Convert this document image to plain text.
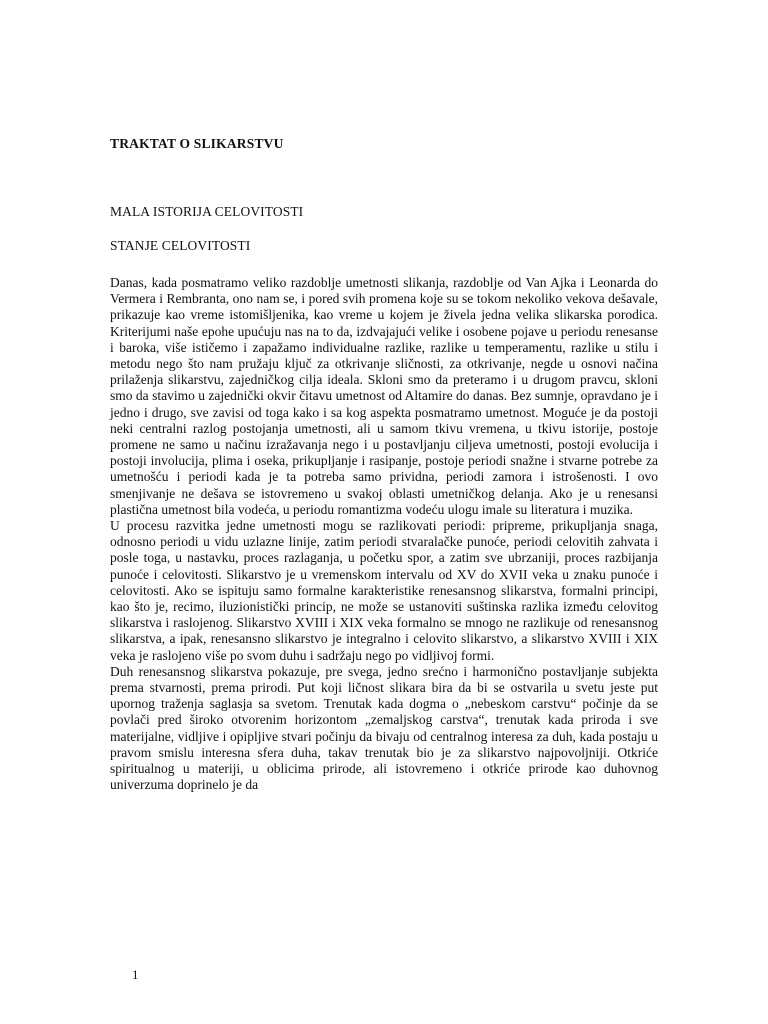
TRAKTAT O SLIKARSTVU
MALA ISTORIJA CELOVITOSTI
STANJE CELOVITOSTI

Danas, kada posmatramo veliko razdoblje umetnosti slikanja, razdoblje od Van Ajka i Leonarda do Vermera i Rembranta, ono nam se, i pored svih promena koje su se tokom nekoliko vekova dešavale, prikazuje kao vreme istomišljenika, kao vreme u kojem je živela jedna velika slikarska porodica. Kriterijumi naše epohe upućuju nas na to da, izdvajajući velike i osobene pojave u periodu renesanse i baroka, više ističemo i zapažamo individualne razlike, razlike u temperamentu, razlike u stilu i metodu nego što nam pružaju ključ za otkrivanje sličnosti, za otkrivanje, negde u osnovi načina prilaženja slikarstvu, zajedničkog cilja ideala. Skloni smo da preteramo i u drugom pravcu, skloni smo da stavimo u zajednički okvir čitavu umetnost od Altamire do danas. Bez sumnje, opravdano je i jedno i drugo, sve zavisi od toga kako i sa kog aspekta posmatramo umetnost. Moguće je da postoji neki centralni razlog postojanja umetnosti, ali u samom tkivu vremena, u tkivu istorije, postoje promene ne samo u načinu izražavanja nego i u postavljanju ciljeva umetnosti, postoji evolucija i postoji involucija, plima i oseka, prikupljanje i rasipanje, postoje periodi snažne i stvarne potrebe za umetnošću i periodi kada je ta potreba samo prividna, periodi zamora i istrošenosti. I ovo smenjivanje ne dešava se istovremeno u svakoj oblasti umetničkog delanja. Ako je u renesansi plastična umetnost bila vodeća, u periodu romantizma vodeću ulogu imale su literatura i muzika.

U procesu razvitka jedne umetnosti mogu se razlikovati periodi: pripreme, prikupljanja snaga, odnosno periodi u vidu uzlazne linije, zatim periodi stvaralačke punoće, periodi celovitih zahvata i posle toga, u nastavku, proces razlaganja, u početku spor, a zatim sve ubrzaniji, proces razbijanja punoće i celovitosti. Slikarstvo je u vremenskom intervalu od XV do XVII veka u znaku punoće i celovitosti. Ako se ispituju samo formalne karakteristike renesansnog slikarstva, formalni principi, kao što je, recimo, iluzionistički princip, ne može se ustanoviti suštinska razlika između celovitog slikarstva i raslojenog. Slikarstvo XVIII i XIX veka formalno se mnogo ne razlikuje od renesansnog slikarstva, a ipak, renesansno slikarstvo je integralno i celovito slikarstvo, a slikarstvo XVIII i XIX veka je raslojeno više po svom duhu i sadržaju nego po vidljivoj formi.

Duh renesansnog slikarstva pokazuje, pre svega, jedno srećno i harmonično postavljanje subjekta prema stvarnosti, prema prirodi. Put koji ličnost slikara bira da bi se ostvarila u svetu jeste put upornog traženja saglasja sa svetom. Trenutak kada dogma o „nebeskom carstvu“ počinje da se povlači pred široko otvorenim horizontom „zemaljskog carstva“, trenutak kada priroda i sve materijalne, vidljive i opipljive stvari počinju da bivaju od centralnog interesa za duh, kada postaju u pravom smislu interesna sfera duha, takav trenutak bio je za slikarstvo najpovoljniji. Otkriće spiritualnog u materiji, u oblicima prirode, ali istovremeno i otkriće prirode kao duhovnog univerzuma doprinelo je da

1
